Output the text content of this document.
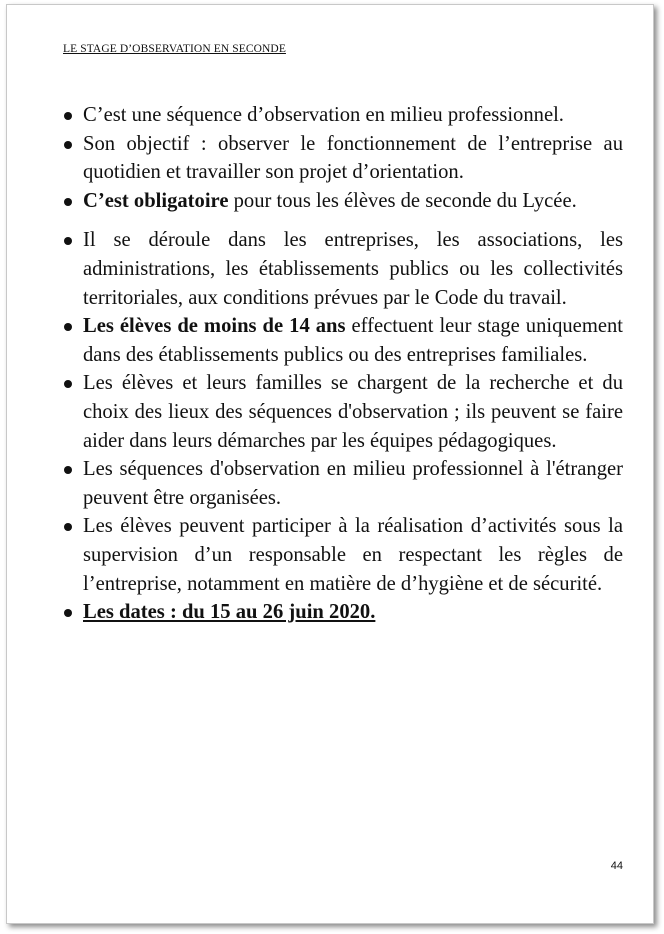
LE STAGE D’OBSERVATION EN SECONDE
C’est une séquence d’observation en milieu professionnel.
Son objectif : observer le fonctionnement de l’entreprise au quotidien et travailler son projet d’orientation.
C’est obligatoire pour tous les élèves de seconde du Lycée.
Il se déroule dans les entreprises, les associations, les administrations, les établissements publics ou les collectivités territoriales, aux conditions prévues par le Code du travail.
Les élèves de moins de 14 ans effectuent leur stage uniquement dans des établissements publics ou des entreprises familiales.
Les élèves et leurs familles se chargent de la recherche et du choix des lieux des séquences d'observation ; ils peuvent se faire aider dans leurs démarches par les équipes pédagogiques.
Les séquences d'observation en milieu professionnel à l'étranger peuvent être organisées.
Les élèves peuvent participer à la réalisation d’activités sous la supervision d’un responsable en respectant les règles de l’entreprise, notamment en matière de d’hygiène et de sécurité.
Les dates : du 15 au 26 juin 2020.
44
